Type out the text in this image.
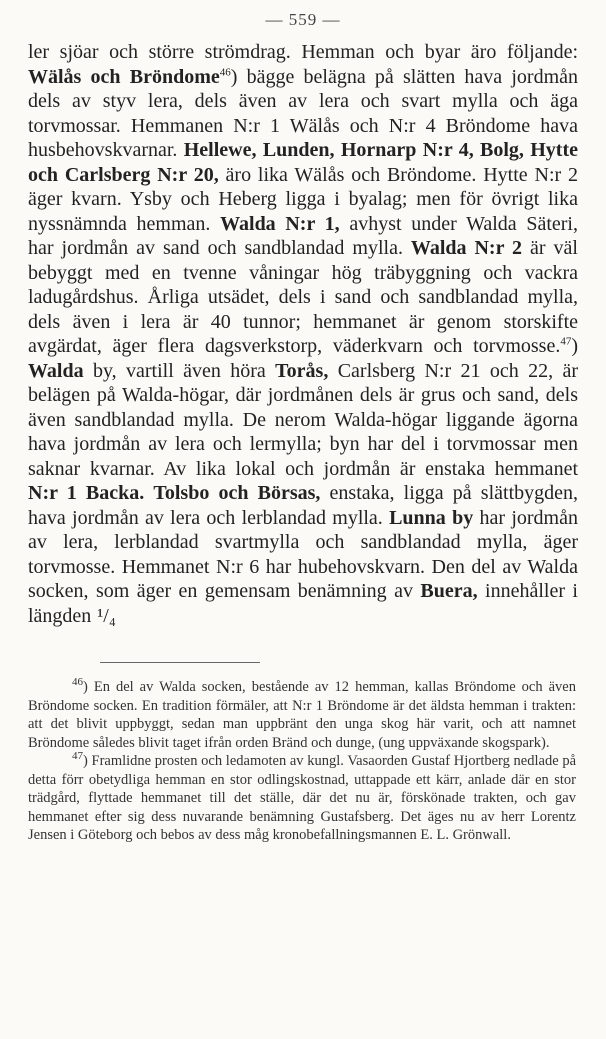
— 559 —
ler sjöar och större strömdrag. Hemman och byar äro följande: Wälås och Bröndome$^{46}$) bägge belägna på slätten hava jordmån dels av styv lera, dels även av lera och svart mylla och äga torvmossar. Hemmanen N:r 1 Wälås och N:r 4 Bröndome hava husbehovskvarnar. Hellewe, Lunden, Hornarp N:r 4, Bolg, Hytte och Carlsberg N:r 20, äro lika Wälås och Bröndome. Hytte N:r 2 äger kvarn. Ysby och Heberg ligga i byalag; men för övrigt lika nyssnämnda hemman. Walda N:r 1, avhyst under Walda Säteri, har jordmån av sand och sandblandad mylla. Walda N:r 2 är väl bebyggt med en tvenne våningar hög träbyggning och vackra ladugårdshus. Årliga utsädet, dels i sand och sandblandad mylla, dels även i lera är 40 tunnor; hemmanet är genom storskifte avgärdat, äger flera dagsverkstorp, väderkvarn och torvmosse.$^{47}$) Walda by, vartill även höra Torås, Carlsberg N:r 21 och 22, är belägen på Walda-högar, där jordmånen dels är grus och sand, dels även sandblandad mylla. De nerom Walda-högar liggande ägorna hava jordmån av lera och lermylla; byn har del i torvmossar men saknar kvarnar. Av lika lokal och jordmån är enstaka hemmanet N:r 1 Backa. Tolsbo och Börsas, enstaka, ligga på slättbygden, hava jordmån av lera och lerblandad mylla. Lunna by har jordmån av lera, lerblandad svartmylla och sandblandad mylla, äger torvmosse. Hemmanet N:r 6 har hubehovskvarn. Den del av Walda socken, som äger en gemensam benämning av Buera, innehåller i längden ¹/₄

$^{46}$) En del av Walda socken, bestående av 12 hemman, kallas Bröndome och även Bröndome socken. En tradition förmäler, att N:r 1 Bröndome är det äldsta hemman i trakten: att det blivit uppbyggt, sedan man uppbränt den unga skog här varit, och att namnet Bröndome således blivit taget ifrån orden Bränd och dunge, (ung uppväxande skogspark).

$^{47}$) Framlidne prosten och ledamoten av kungl. Vasaorden Gustaf Hjortberg nedlade på detta förr obetydliga hemman en stor odlingskostnad, uttappade ett kärr, anlade där en stor trädgård, flyttade hemmanet till det ställe, där det nu är, förskönade trakten, och gav hemmanet efter sig dess nuvarande benämning Gustafsberg. Det äges nu av herr Lorentz Jensen i Göteborg och bebos av dess måg kronobefallningsmannen E. L. Grönwall.
